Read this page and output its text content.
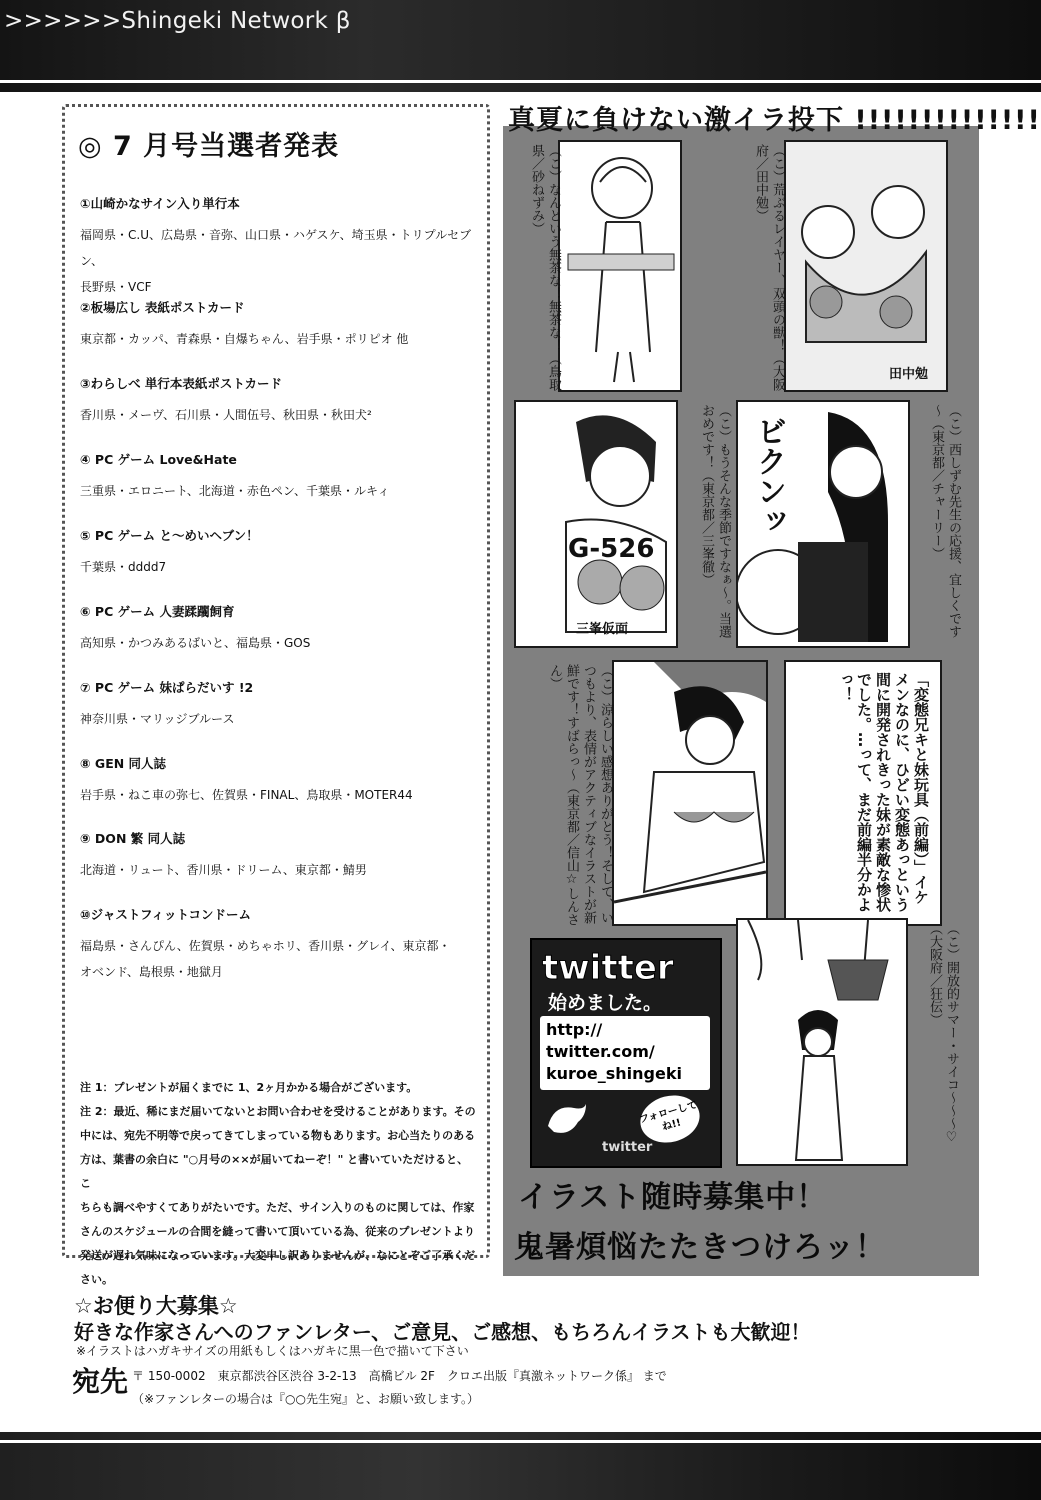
>>>>>>Shingeki Network β
◎ 7 月号当選者発表
①山崎かなサイン入り単行本
福岡県・C.U、広島県・音弥、山口県・ハゲスケ、埼玉県・トリプルセブン、
長野県・VCF
②板場広し 表紙ポストカード
東京都・カッパ、青森県・自爆ちゃん、岩手県・ポリピオ 他
③わらしべ 単行本表紙ポストカード
香川県・メーヴ、石川県・人間伍号、秋田県・秋田犬²
④ PC ゲーム Love&Hate
三重県・エロニート、北海道・赤色ペン、千葉県・ルキィ
⑤ PC ゲーム と～めいヘブン！
千葉県・dddd7
⑥ PC ゲーム 人妻蹂躙飼育
高知県・かつみあるばいと、福島県・GOS
⑦ PC ゲーム 妹ぱらだいす !2
神奈川県・マリッジブルース
⑧ GEN 同人誌
岩手県・ねこ車の弥七、佐賀県・FINAL、鳥取県・MOTER44
⑨ DON 繁 同人誌
北海道・リュート、香川県・ドリーム、東京都・鯖男
⑩ジャストフィットコンドーム
福島県・さんぴん、佐賀県・めちゃホリ、香川県・グレイ、東京都・
オベンド、島根県・地獄月
注 1：プレゼントが届くまでに 1、2ヶ月かかる場合がございます。
注 2：最近、稀にまだ届いてないとお問い合わせを受けることがあります。その
中には、宛先不明等で戻ってきてしまっている物もあります。お心当たりのある
方は、葉書の余白に "○月号の××が届いてねーぞ！" と書いていただけると、こ
ちらも調べやすくてありがたいです。ただ、サイン入りのものに関しては、作家
さんのスケジュールの合間を縫って書いて頂いている為、従来のプレゼントより
発送が遅れ気味になっています。大変申し訳ありませんが、なにとぞご了承くだ
さい。
真夏に負けない激イラ投下 !!!!!!!!!!!!!!
（こ）なんという無茶な！無茶な！（鳥取県／砂ねずみ）
田中勉
（こ）荒ぶるレイヤー、双頭の獣！（大阪府／田中勉）
G-526
三峯仮面	（こ）もうそんな季節ですなぁ～。当選おめです！（東京都／三峯徹）	ビクンッ	（こ）西しずむ先生の応援、宜しくです～（東京都／チャーリー）
（こ）涼らしい感想ありがとう！そして、いつもより、表情がアクティブなイラストが新鮮です！すばらっ～（東京都／信山☆しんさん）	「変態兄キと妹玩具（前編）」イケメンなのに、ひどい変態あっという間に開発されきった妹が素敵な惨状でした。…って、まだ前編半分かよっ！
twitter
始めました。
http://
twitter.com/
kuroe_shingeki
フォローしてね!!
twitter
（こ）開放的サマー・サイコ～～～♡（大阪府／狂伝）
イラスト随時募集中！
鬼暑煩悩たたきつけろッ！
☆お便り大募集☆
好きな作家さんへのファンレター、ご意見、ご感想、もちろんイラストも大歓迎！
※イラストはハガキサイズの用紙もしくはハガキに黒一色で描いて下さい
宛先 〒 150-0002　東京都渋谷区渋谷 3-2-13　高橋ビル 2F　クロエ出版『真激ネットワーク係』 まで
（※ファンレターの場合は『○○先生宛』と、お願い致します。）
